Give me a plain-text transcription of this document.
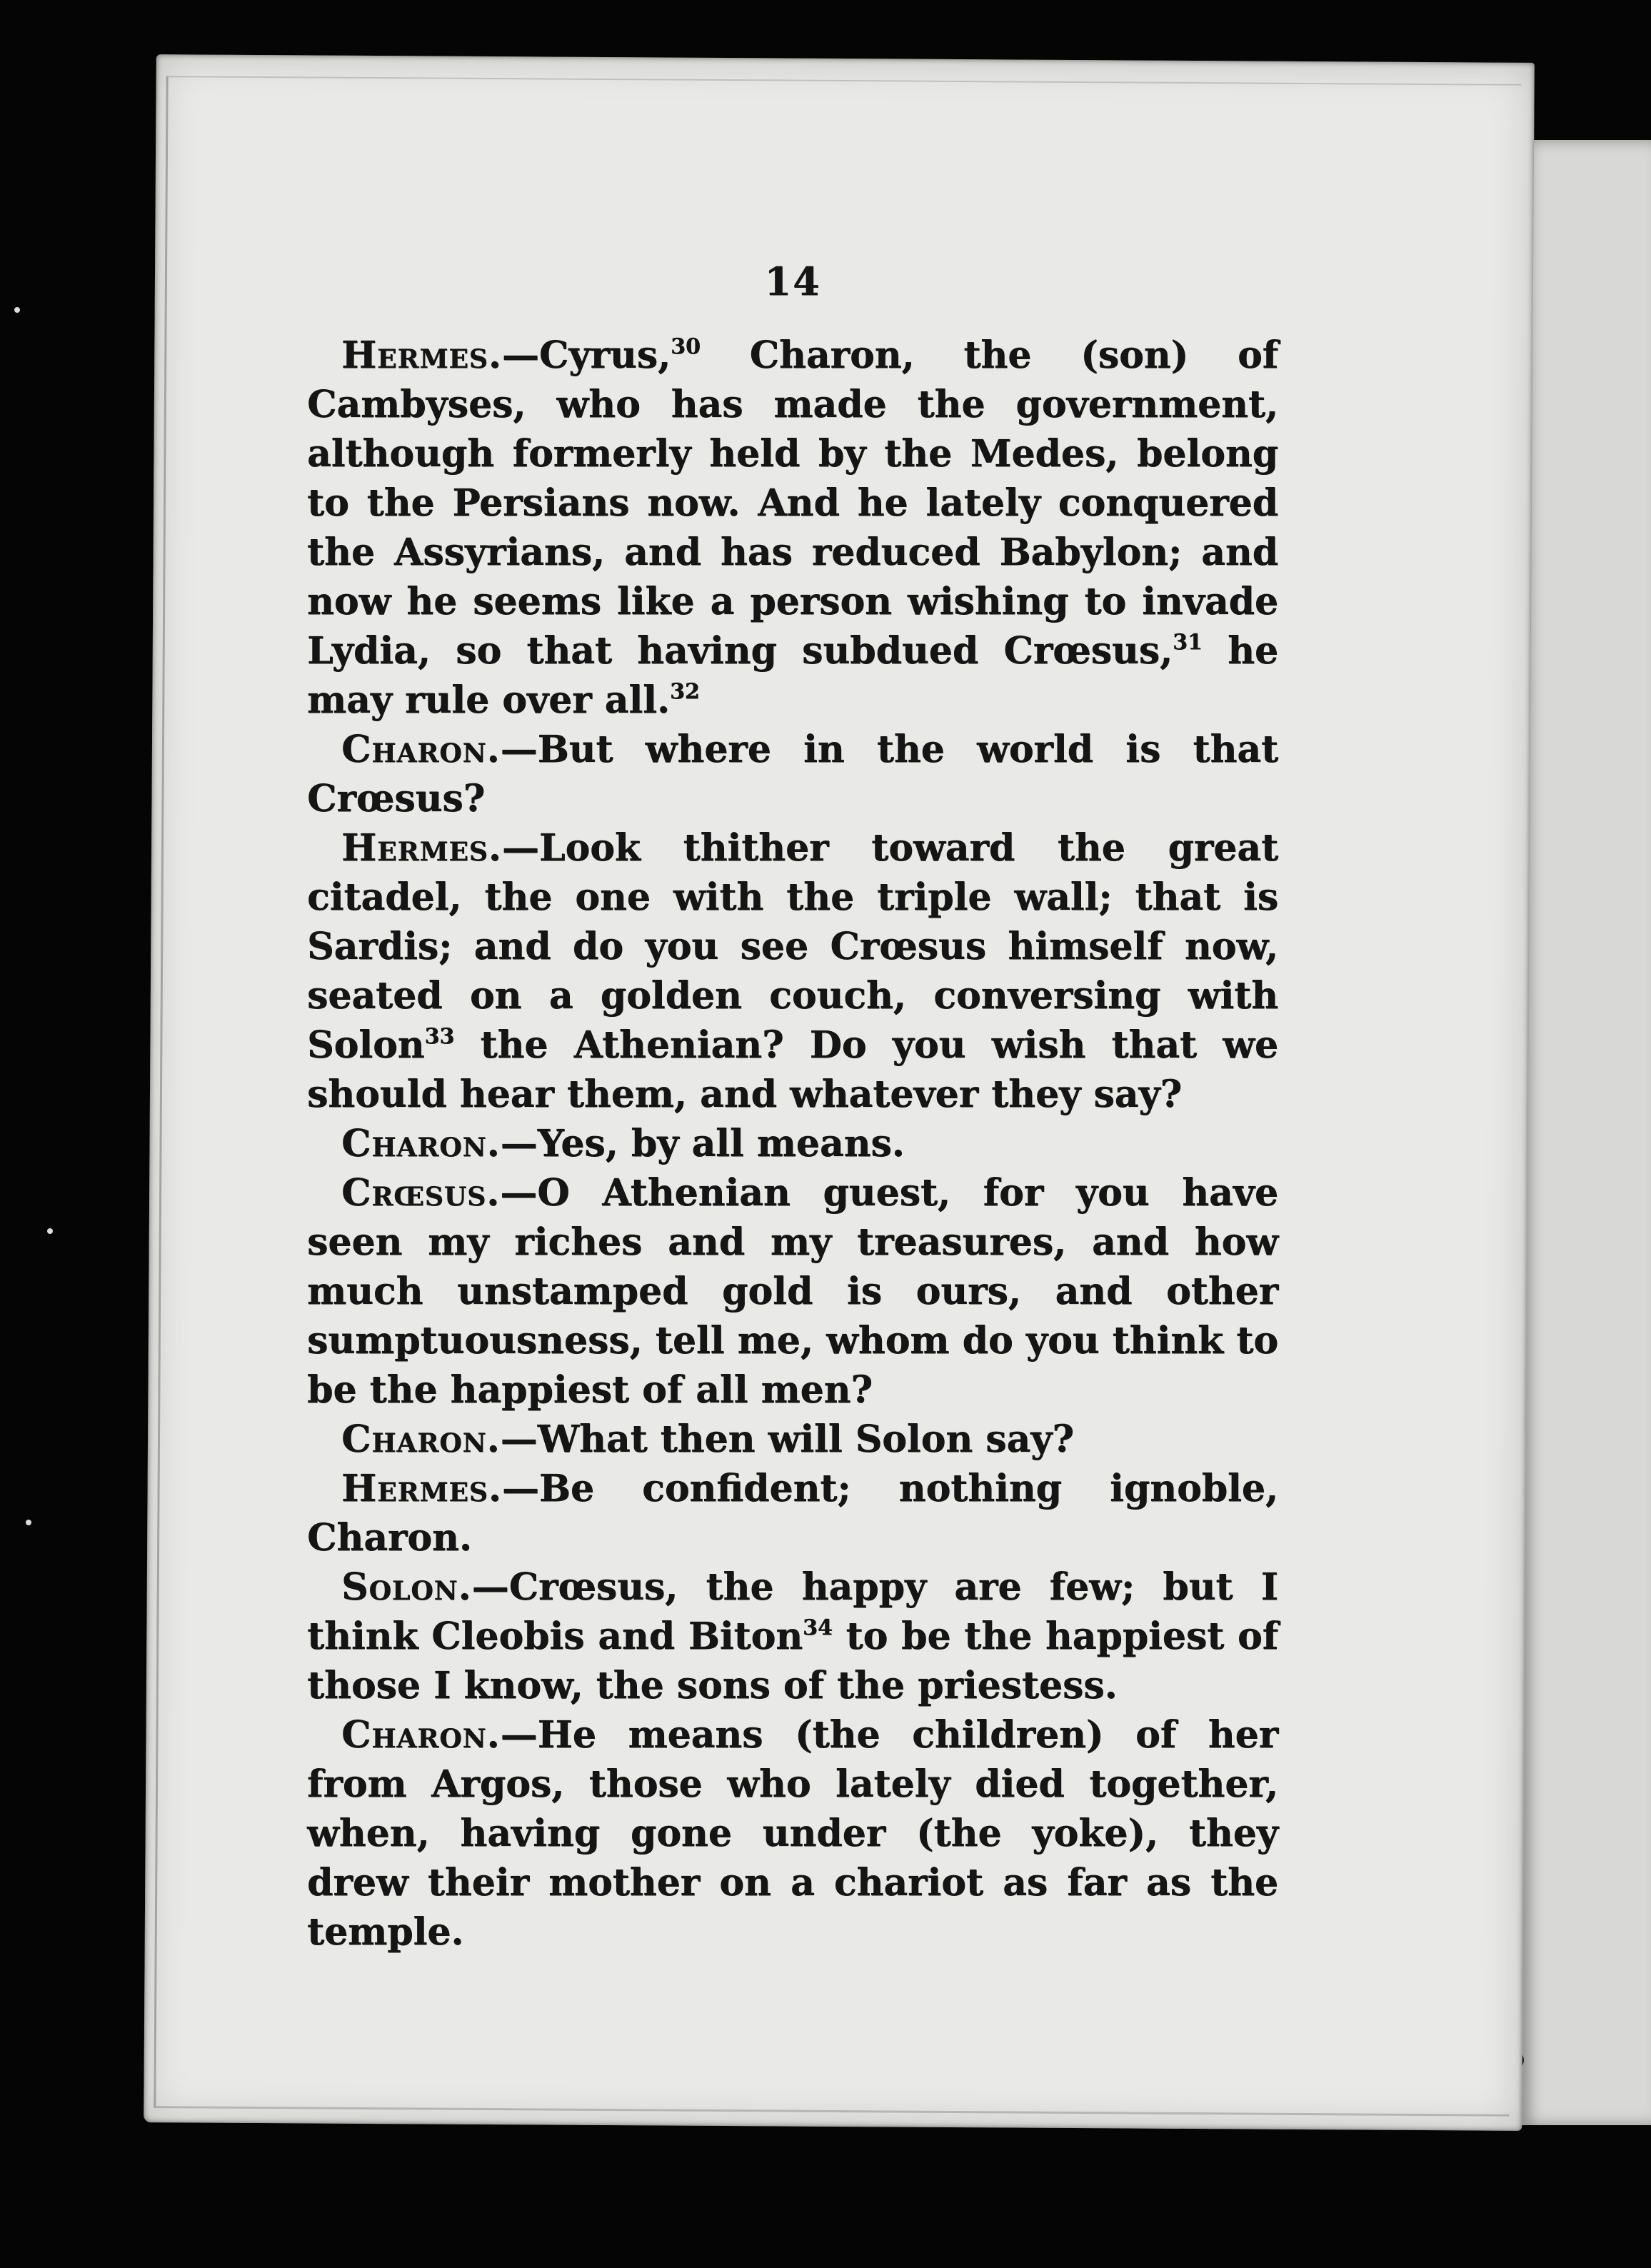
14

Hermes.—Cyrus,$^{30}$ Charon, the (son) of Cambyses, who has made the government, although formerly held by the Medes, belong to the Persians now. And he lately conquered the Assyrians, and has reduced Babylon; and now he seems like a person wishing to invade Lydia, so that having subdued Crœsus,$^{31}$ he may rule over all.$^{32}$

Charon.—But where in the world is that Crœsus?

Hermes.—Look thither toward the great citadel, the one with the triple wall; that is Sardis; and do you see Crœsus himself now, seated on a golden couch, conversing with Solon$^{33}$ the Athenian? Do you wish that we should hear them, and whatever they say?

Charon.—Yes, by all means.

Crœsus.—O Athenian guest, for you have seen my riches and my treasures, and how much unstamped gold is ours, and other sumptuousness, tell me, whom do you think to be the happiest of all men?

Charon.—What then will Solon say?

Hermes.—Be confident; nothing ignoble, Charon.

Solon.—Crœsus, the happy are few; but I think Cleobis and Biton$^{34}$ to be the happiest of those I know, the sons of the priestess.

Charon.—He means (the children) of her from Argos, those who lately died together, when, having gone under (the yoke), they drew their mother on a chariot as far as the temple.
